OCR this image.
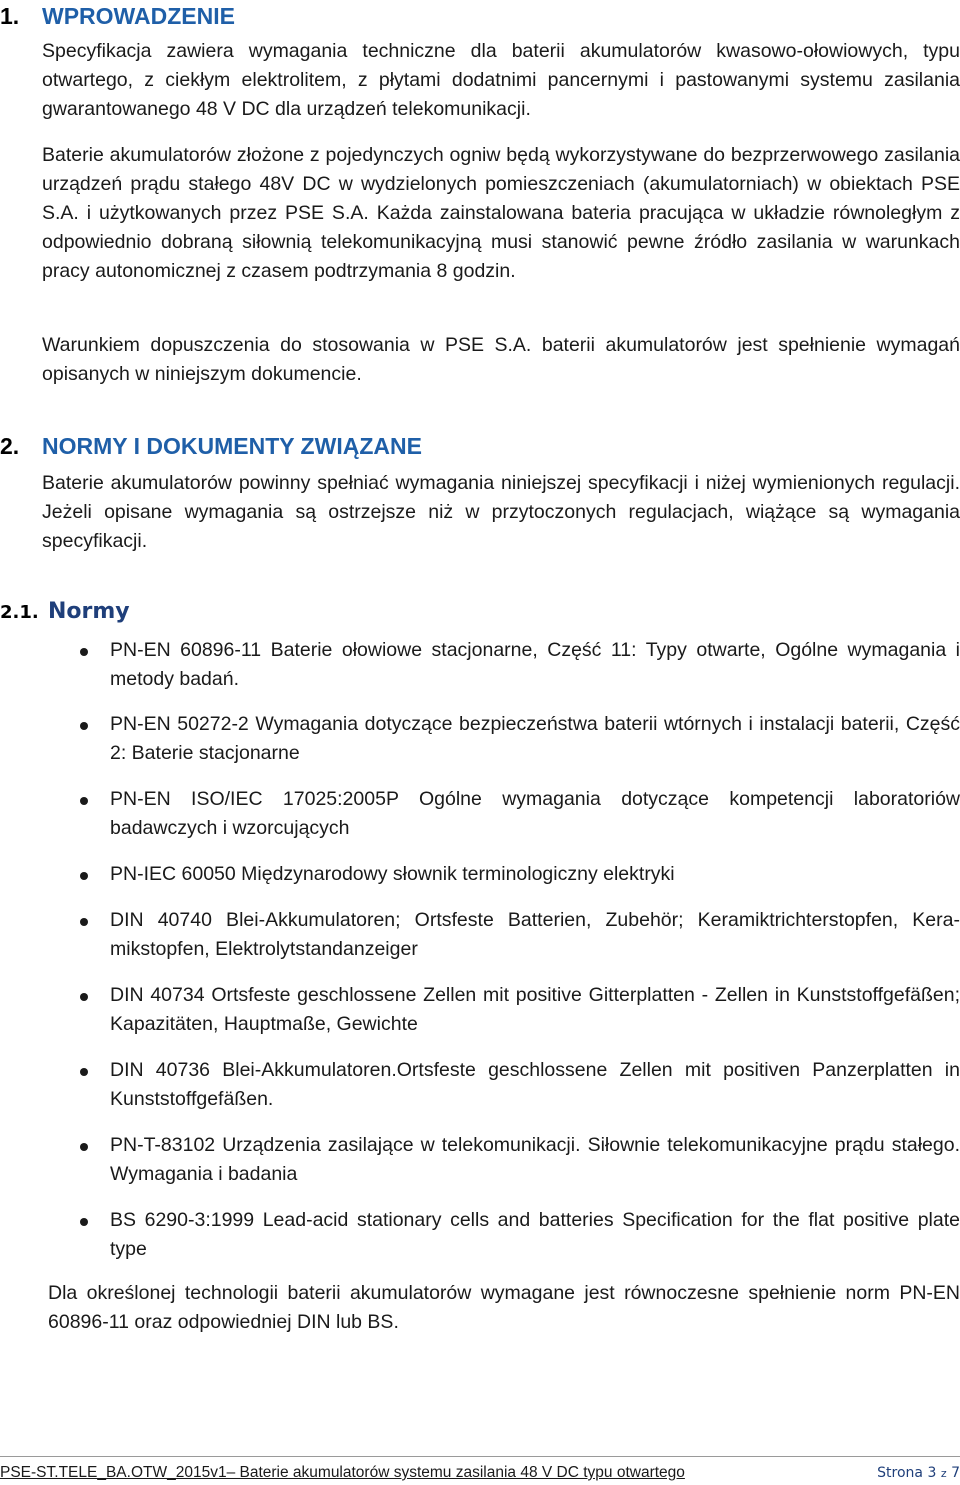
1. WPROWADZENIE

Specyfikacja zawiera wymagania techniczne dla baterii akumulatorów kwasowo-ołowiowych, typu otwartego, z ciekłym elektrolitem, z płytami dodatnimi pancernymi i pastowanymi systemu zasilania gwarantowanego 48 V DC dla urządzeń telekomunikacji.

Baterie akumulatorów złożone z pojedynczych ogniw będą wykorzystywane do bezprzerwowego zasilania urządzeń prądu stałego 48V DC w wydzielonych pomieszczeniach (akumulatorniach) w obiektach PSE S.A. i użytkowanych przez PSE S.A. Każda zainstalowana bateria pracująca w układzie równoległym z odpowiednio dobraną siłownią telekomunikacyjną musi stanowić pewne źródło zasilania w warunkach pracy autonomicznej z czasem podtrzymania 8 godzin.

Warunkiem dopuszczenia do stosowania w PSE S.A. baterii akumulatorów jest spełnienie wymagań opisanych w niniejszym dokumencie.

2. NORMY I DOKUMENTY ZWIĄZANE

Baterie akumulatorów powinny spełniać wymagania niniejszej specyfikacji i niżej wymienionych regulacji. Jeżeli opisane wymagania są ostrzejsze niż w przytoczonych regulacjach, wiążące są wymagania specyfikacji.

2.1. Normy

PN-EN 60896-11 Baterie ołowiowe stacjonarne, Część 11: Typy otwarte, Ogólne wymagania i metody badań.

PN-EN 50272-2 Wymagania dotyczące bezpieczeństwa baterii wtórnych i instalacji baterii, Część 2: Baterie stacjonarne

PN-EN ISO/IEC 17025:2005P Ogólne wymagania dotyczące kompetencji laboratoriów badawczych i wzorcujących

PN-IEC 60050 Międzynarodowy słownik terminologiczny elektryki

DIN 40740 Blei-Akkumulatoren; Ortsfeste Batterien, Zubehör; Keramiktrichterstopfen, Kera-mikstopfen, Elektrolytstandanzeiger

DIN 40734 Ortsfeste geschlossene Zellen mit positive Gitterplatten - Zellen in Kunststoffgefäßen; Kapazitäten, Hauptmaße, Gewichte

DIN 40736 Blei-Akkumulatoren.Ortsfeste geschlossene Zellen mit positiven Panzerplatten in Kunststoffgefäßen.

PN-T-83102 Urządzenia zasilające w telekomunikacji. Siłownie telekomunikacyjne prądu stałego. Wymagania i badania

BS 6290-3:1999 Lead-acid stationary cells and batteries Specification for the flat positive plate type

Dla określonej technologii baterii akumulatorów wymagane jest równoczesne spełnienie norm PN-EN 60896-11 oraz odpowiedniej DIN lub BS.

PSE-ST.TELE_BA.OTW_2015v1– Baterie akumulatorów systemu zasilania 48 V DC typu otwartego	Strona 3 z 7
